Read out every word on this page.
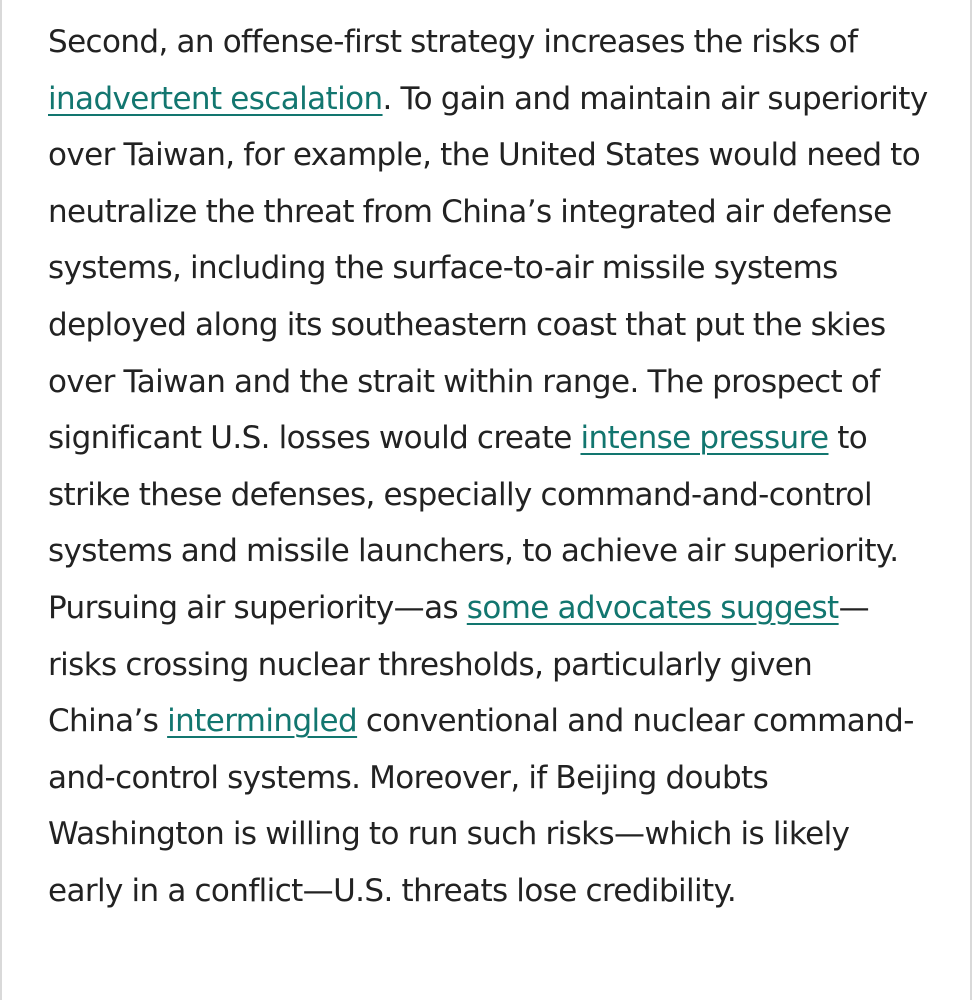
Second, an offense-first strategy increases the risks of inadvertent escalation. To gain and maintain air superiority over Taiwan, for example, the United States would need to neutralize the threat from China’s integrated air defense systems, including the surface-to-air missile systems deployed along its southeastern coast that put the skies over Taiwan and the strait within range. The prospect of significant U.S. losses would create intense pressure to strike these defenses, especially command-and-control systems and missile launchers, to achieve air superiority. Pursuing air superiority—as some advocates suggest—risks crossing nuclear thresholds, particularly given China’s intermingled conventional and nuclear command-and-control systems. Moreover, if Beijing doubts Washington is willing to run such risks—which is likely early in a conflict—U.S. threats lose credibility.
